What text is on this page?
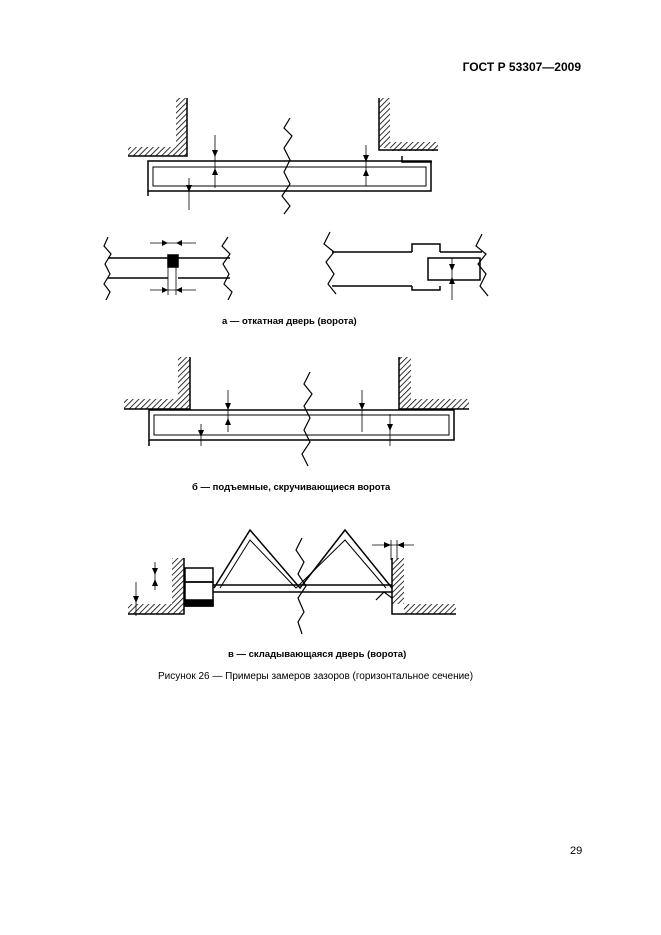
ГОСТ Р 53307—2009
а — откатная дверь (ворота)
б — подъемные, скручивающиеся ворота
в — складывающаяся дверь (ворота)
Рисунок 26 — Примеры замеров зазоров (горизонтальное сечение)
29
